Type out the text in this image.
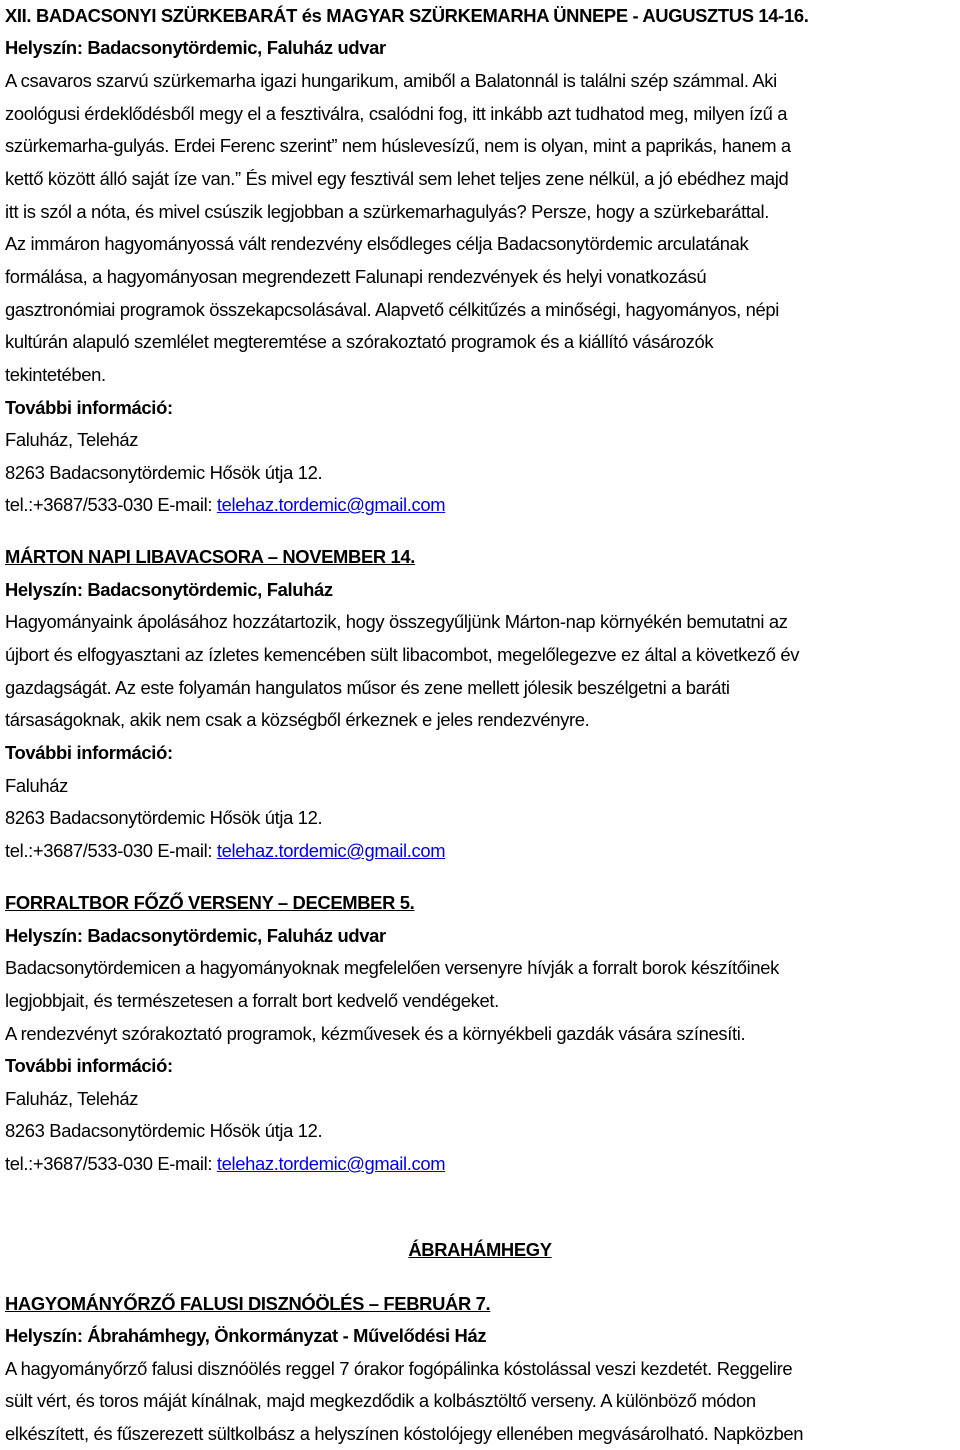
XII. BADACSONYI SZÜRKEBARÁT és MAGYAR SZÜRKEMARHA ÜNNEPE - AUGUSZTUS 14-16.
Helyszín: Badacsonytördemic, Faluház udvar
A csavaros szarvú szürkemarha igazi hungarikum, amiből a Balatonnál is találni szép számmal. Aki
zoológusi érdeklődésből megy el a fesztiválra, csalódni fog, itt inkább azt tudhatod meg, milyen ízű a
szürkemarha-gulyás. Erdei Ferenc szerint” nem húslevesízű, nem is olyan, mint a paprikás, hanem a
kettő között álló saját íze van.” És mivel egy fesztivál sem lehet teljes zene nélkül, a jó ebédhez majd
itt is szól a nóta, és mivel csúszik legjobban a szürkemarhagulyás? Persze, hogy a szürkebaráttal.
Az immáron hagyományossá vált rendezvény elsődleges célja Badacsonytördemic arculatának
formálása, a hagyományosan megrendezett Falunapi rendezvények és helyi vonatkozású
gasztronómiai programok összekapcsolásával. Alapvető célkitűzés a minőségi, hagyományos, népi
kultúrán alapuló szemlélet megteremtése a szórakoztató programok és a kiállító vásározók
tekintetében.
További információ:
Faluház, Teleház
8263 Badacsonytördemic Hősök útja 12.
tel.:+3687/533-030 E-mail: telehaz.tordemic@gmail.com
MÁRTON NAPI LIBAVACSORA – NOVEMBER 14.
Helyszín: Badacsonytördemic, Faluház
Hagyományaink ápolásához hozzátartozik, hogy összegyűljünk Márton-nap környékén bemutatni az
újbort és elfogyasztani az ízletes kemencében sült libacombot, megelőlegezve ez által a következő év
gazdagságát. Az este folyamán hangulatos műsor és zene mellett jólesik beszélgetni a baráti
társaságoknak, akik nem csak a községből érkeznek e jeles rendezvényre.
További információ:
Faluház
8263 Badacsonytördemic Hősök útja 12.
tel.:+3687/533-030 E-mail: telehaz.tordemic@gmail.com
FORRALTBOR FŐZŐ VERSENY – DECEMBER 5.
Helyszín: Badacsonytördemic, Faluház udvar
Badacsonytördemicen a hagyományoknak megfelelően versenyre hívják a forralt borok készítőinek
legjobbjait, és természetesen a forralt bort kedvelő vendégeket.
A rendezvényt szórakoztató programok, kézművesek és a környékbeli gazdák vására színesíti.
További információ:
Faluház, Teleház
8263 Badacsonytördemic Hősök útja 12.
tel.:+3687/533-030 E-mail: telehaz.tordemic@gmail.com
ÁBRAHÁMHEGY
HAGYOMÁNYŐRZŐ FALUSI DISZNÓÖLÉS – FEBRUÁR 7.
Helyszín: Ábrahámhegy, Önkormányzat - Művelődési Ház
A hagyományőrző falusi disznóölés reggel 7 órakor fogópálinka kóstolással veszi kezdetét. Reggelire
sült vért, és toros máját kínálnak, majd megkezdődik a kolbásztöltő verseny. A különböző módon
elkészített, és fűszerezett sültkolbász a helyszínen kóstolójegy ellenében megvásárolható. Napközben
